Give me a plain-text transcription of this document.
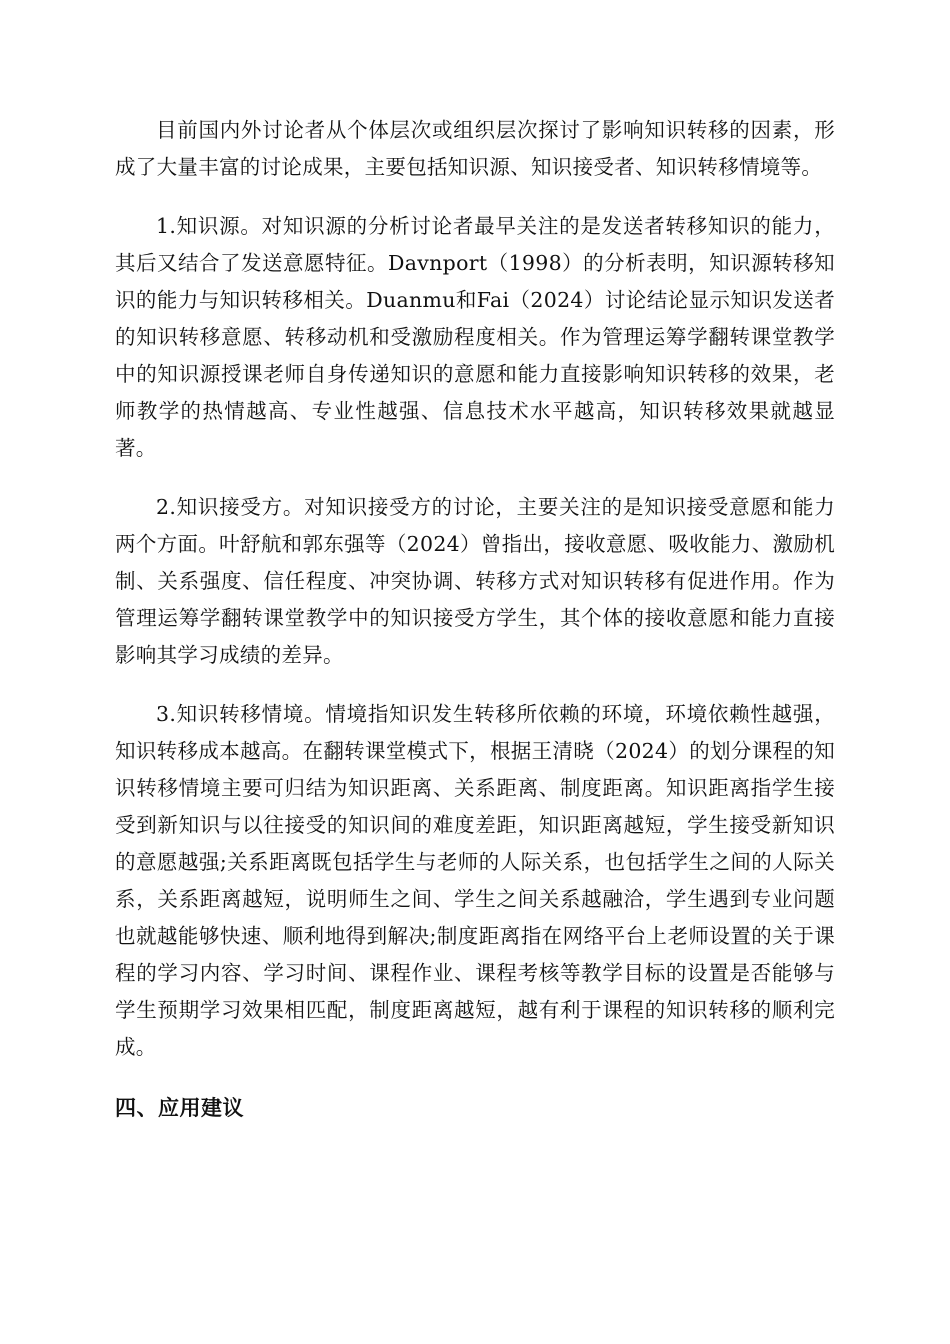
目前国内外讨论者从个体层次或组织层次探讨了影响知识转移的因素，形成了大量丰富的讨论成果，主要包括知识源、知识接受者、知识转移情境等。

1.知识源。对知识源的分析讨论者最早关注的是发送者转移知识的能力，其后又结合了发送意愿特征。Davnport（1998）的分析表明，知识源转移知识的能力与知识转移相关。Duanmu和Fai（2024）讨论结论显示知识发送者的知识转移意愿、转移动机和受激励程度相关。作为管理运筹学翻转课堂教学中的知识源授课老师自身传递知识的意愿和能力直接影响知识转移的效果，老师教学的热情越高、专业性越强、信息技术水平越高，知识转移效果就越显著。

2.知识接受方。对知识接受方的讨论，主要关注的是知识接受意愿和能力两个方面。叶舒航和郭东强等（2024）曾指出，接收意愿、吸收能力、激励机制、关系强度、信任程度、冲突协调、转移方式对知识转移有促进作用。作为管理运筹学翻转课堂教学中的知识接受方学生，其个体的接收意愿和能力直接影响其学习成绩的差异。

3.知识转移情境。情境指知识发生转移所依赖的环境，环境依赖性越强，知识转移成本越高。在翻转课堂模式下，根据王清晓（2024）的划分课程的知识转移情境主要可归结为知识距离、关系距离、制度距离。知识距离指学生接受到新知识与以往接受的知识间的难度差距，知识距离越短，学生接受新知识的意愿越强;关系距离既包括学生与老师的人际关系，也包括学生之间的人际关系，关系距离越短，说明师生之间、学生之间关系越融洽，学生遇到专业问题也就越能够快速、顺利地得到解决;制度距离指在网络平台上老师设置的关于课程的学习内容、学习时间、课程作业、课程考核等教学目标的设置是否能够与学生预期学习效果相匹配，制度距离越短，越有利于课程的知识转移的顺利完成。

四、应用建议
